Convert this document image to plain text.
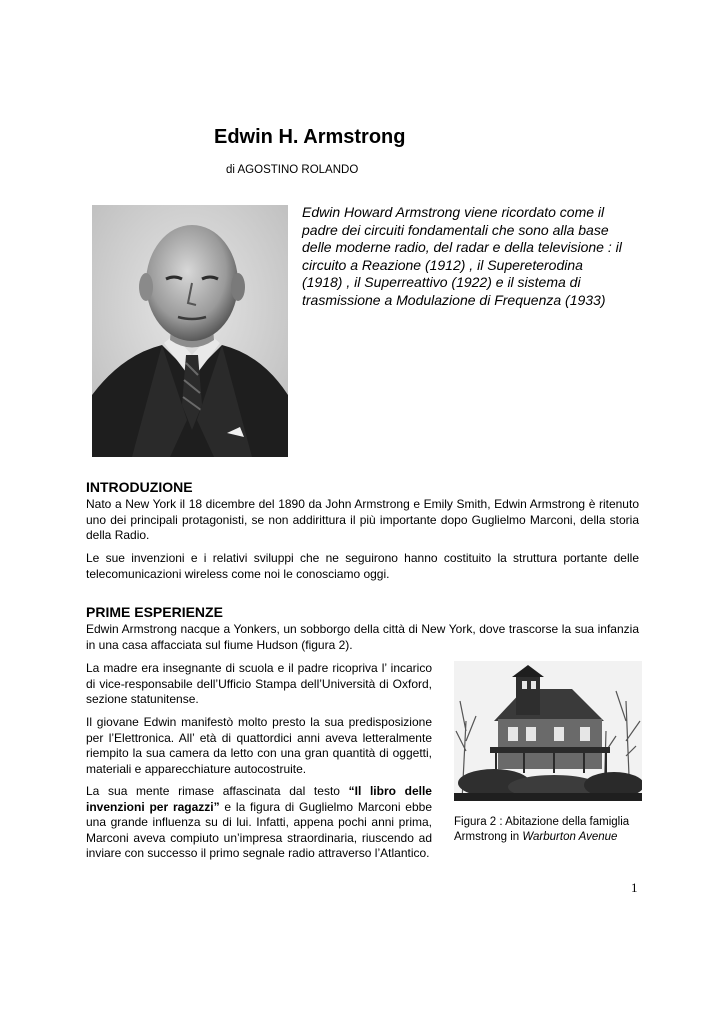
Edwin H. Armstrong
di AGOSTINO ROLANDO
Edwin Howard Armstrong viene ricordato come il
padre dei circuiti fondamentali che sono alla base
delle moderne radio, del radar e della televisione : il
circuito a Reazione (1912) , il Supereterodina
(1918) , il Superreattivo (1922) e il sistema di
trasmissione a Modulazione di Frequenza (1933)
INTRODUZIONE

Nato a New York il 18 dicembre del 1890 da John Armstrong e Emily Smith, Edwin Armstrong è ritenuto uno dei principali protagonisti, se non addirittura il più importante dopo Guglielmo Marconi, della storia della Radio.

Le sue invenzioni e i relativi sviluppi che ne seguirono hanno costituito la struttura portante delle telecomunicazioni wireless come noi le conosciamo oggi.

PRIME ESPERIENZE

Edwin Armstrong nacque a Yonkers, un sobborgo della città di New York, dove trascorse la sua infanzia in una casa affacciata sul fiume Hudson (figura 2).

La madre era insegnante di scuola e il padre ricopriva l’ incarico di vice-responsabile dell’Ufficio Stampa dell’Università di Oxford, sezione statunitense.

Il giovane Edwin manifestò molto presto la sua predisposizione per l’Elettronica. All’ età di quattordici anni aveva letteralmente riempito la sua camera da letto con una gran quantità di oggetti, materiali e apparecchiature autocostruite.

La sua mente rimase affascinata dal testo “Il libro delle invenzioni per ragazzi” e la figura di Guglielmo Marconi ebbe una grande influenza su di lui. Infatti, appena pochi anni prima, Marconi aveva compiuto un’impresa straordinaria, riuscendo ad inviare con successo il primo segnale radio attraverso l’Atlantico.

Figura 2 : Abitazione della famiglia Armstrong in Warburton Avenue
1
